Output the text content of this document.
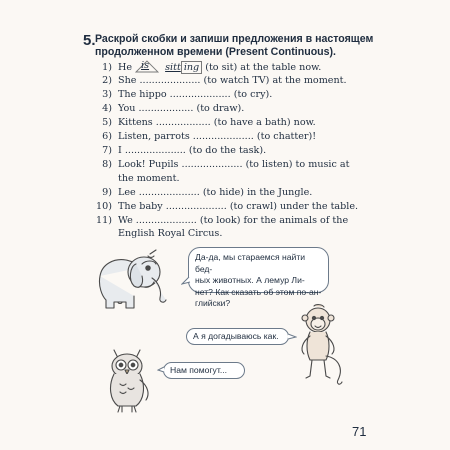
5. Раскрой скобки и запиши предложения в настоящем продолженном времени (Present Continuous).
1) He is sitt ing (to sit) at the table now.
2) She .................... (to watch TV) at the moment.
3) The hippo .................... (to cry).
4) You .................. (to draw).
5) Kittens .................. (to have a bath) now.
6) Listen, parrots .................... (to chatter)!
7) I .................... (to do the task).
8) Look! Pupils .................... (to listen) to music at
the moment.
9) Lee .................... (to hide) in the Jungle.
10) The baby .................... (to crawl) under the table.
11) We .................... (to look) for the animals of the
English Royal Circus.
Да-да, мы стараемся найти бед-
ных животных. А лемур Ли-
нет? Как сказать об этом по-ан-
глийски?
А я догадываюсь как.
Нам помогут...
71
